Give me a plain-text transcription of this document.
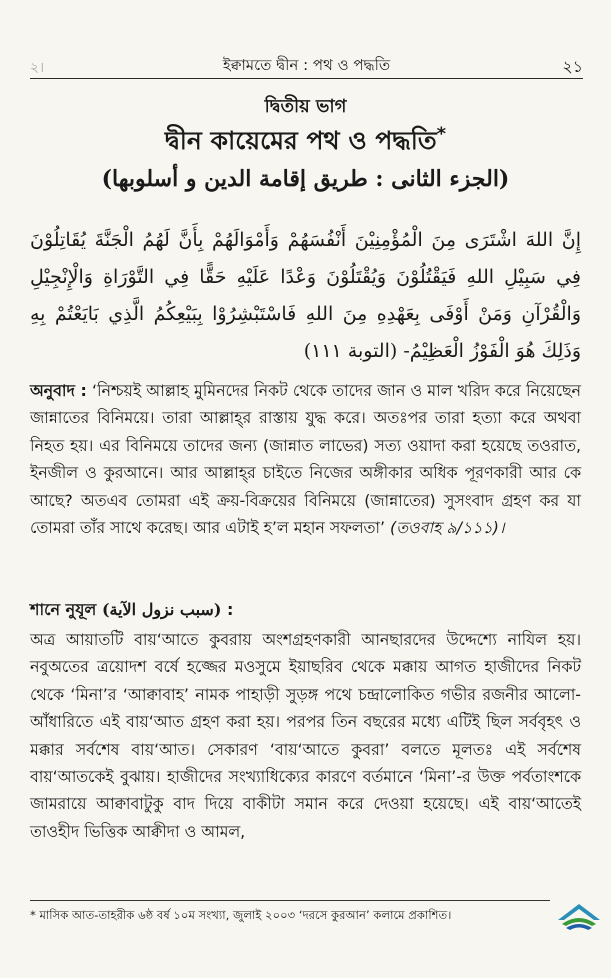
২।	ইক্বামতে দ্বীন : পথ ও পদ্ধতি	২১
দ্বিতীয় ভাগ
দ্বীন কায়েমের পথ ও পদ্ধতি*
(الجزء الثانى : طريق إقامة الدين و أسلوبها)
إِنَّ اللهَ اشْتَرَى مِنَ الْمُؤْمِنِيْنَ أَنْفُسَهُمْ وَأَمْوَالَهُمْ بِأَنَّ لَهُمُ الْجَنَّةَ يُقَاتِلُوْنَ فِي سَبِيْلِ اللهِ فَيَقْتُلُوْنَ وَيُقْتَلُوْنَ وَعْدًا عَلَيْهِ حَقًّا فِي التَّوْرَاةِ وَالْإِنْجِيْلِ وَالْقُرْآنِ وَمَنْ أَوْفَى بِعَهْدِهِ مِنَ اللهِ فَاسْتَبْشِرُوْا بِبَيْعِكُمُ الَّذِي بَايَعْتُمْ بِهِ وَذَلِكَ هُوَ الْفَوْزُ الْعَظِيْمُ- (التوبة ١١١)
অনুবাদ : ‘নিশ্চয়ই আল্লাহ মুমিনদের নিকট থেকে তাদের জান ও মাল খরিদ করে নিয়েছেন জান্নাতের বিনিময়ে। তারা আল্লাহ্‌র রাস্তায় যুদ্ধ করে। অতঃপর তারা হত্যা করে অথবা নিহত হয়। এর বিনিময়ে তাদের জন্য (জান্নাত লাভের) সত্য ওয়াদা করা হয়েছে তওরাত, ইনজীল ও কুরআনে। আর আল্লাহ্‌র চাইতে নিজের অঙ্গীকার অধিক পূরণকারী আর কে আছে? অতএব তোমরা এই ক্রয়-বিক্রয়ের বিনিময়ে (জান্নাতের) সুসংবাদ গ্রহণ কর যা তোমরা তাঁর সাথে করেছ। আর এটাই হ’ল মহান সফলতা’ (তওবাহ ৯/১১১)।
শানে নুযূল (سبب نزول الآية) :
অত্র আয়াতটি বায়‘আতে কুবরায় অংশগ্রহণকারী আনছারদের উদ্দেশ্যে নাযিল হয়। নবুঅতের ত্রয়োদশ বর্ষে হজ্জের মওসুমে ইয়াছরিব থেকে মক্কায় আগত হাজীদের নিকট থেকে ‘মিনা’র ‘আক্বাবাহ’ নামক পাহাড়ী সুড়ঙ্গ পথে চন্দ্রালোকিত গভীর রজনীর আলো-আঁধারিতে এই বায়‘আত গ্রহণ করা হয়। পরপর তিন বছরের মধ্যে এটিই ছিল সর্ববৃহৎ ও মক্কার সর্বশেষ বায়‘আত। সেকারণ ‘বায়‘আতে কুবরা’ বলতে মূলতঃ এই সর্বশেষ বায়‘আতকেই বুঝায়। হাজীদের সংখ্যাধিক্যের কারণে বর্তমানে ‘মিনা’-র উক্ত পর্বতাংশকে জামরায়ে আক্বাবাটুকু বাদ দিয়ে বাকীটা সমান করে দেওয়া হয়েছে। এই বায়‘আতেই তাওহীদ ভিত্তিক আক্বীদা ও আমল,
* মাসিক আত-তাহরীক ৬ষ্ঠ বর্ষ ১০ম সংখ্যা, জুলাই ২০০৩ ‘দরসে কুরআন’ কলামে প্রকাশিত।
